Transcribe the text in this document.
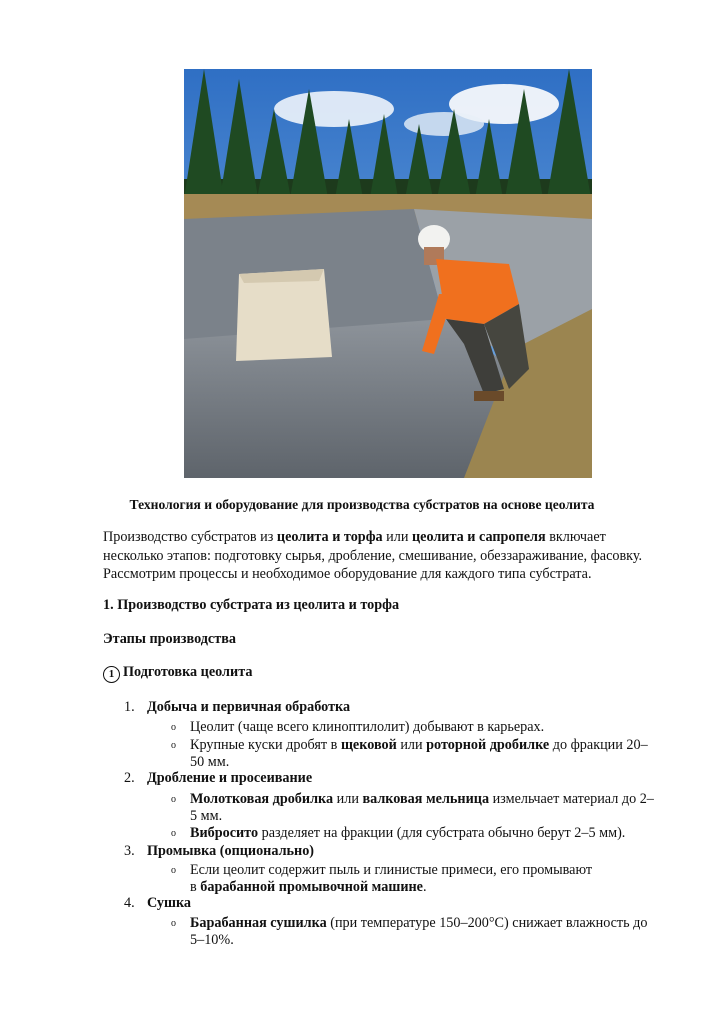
Технология и оборудование для производства субстратов на основе цеолита

Производство субстратов из цеолита и торфа или цеолита и сапропеля включает

несколько этапов: подготовку сырья, дробление, смешивание, обеззараживание, фасовку.

Рассмотрим процессы и необходимое оборудование для каждого типа субстрата.

1. Производство субстрата из цеолита и торфа
Этапы производства
1 Подготовка цеолита
1. Добыча и первичная обработка
o Цеолит (чаще всего клиноптилолит) добывают в карьерах.
o Крупные куски дробят в щековой или роторной дробилке до фракции 20–
50 мм.
2. Дробление и просеивание
o Молотковая дробилка или валковая мельница измельчает материал до 2–
5 мм.
o Вибросито разделяет на фракции (для субстрата обычно берут 2–5 мм).
3. Промывка (опционально)
o Если цеолит содержит пыль и глинистые примеси, его промывают
в барабанной промывочной машине.
4. Сушка
o Барабанная сушилка (при температуре 150–200°C) снижает влажность до
5–10%.
